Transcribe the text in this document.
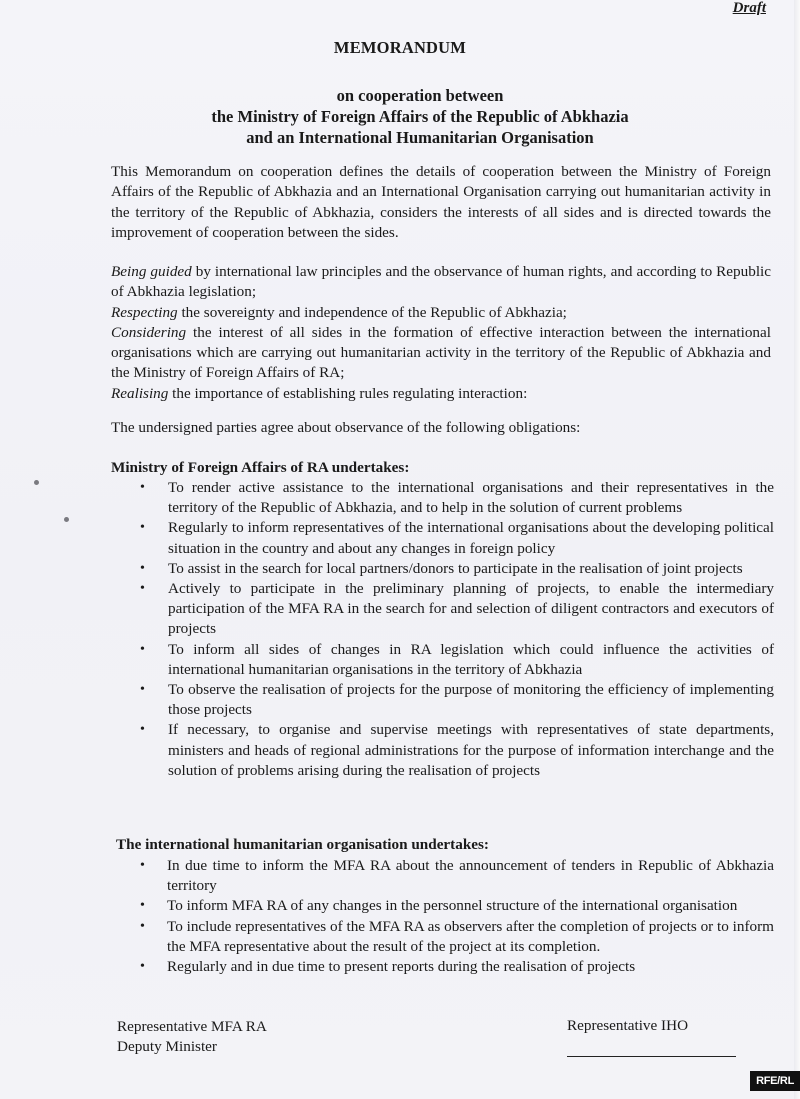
Draft
MEMORANDUM
on cooperation between
the Ministry of Foreign Affairs of the Republic of Abkhazia
and an International Humanitarian Organisation
This Memorandum on cooperation defines the details of cooperation between the Ministry of Foreign Affairs of the Republic of Abkhazia and an International Organisation carrying out humanitarian activity in the territory of the Republic of Abkhazia, considers the interests of all sides and is directed towards the improvement of cooperation between the sides.

Being guided by international law principles and the observance of human rights, and according to Republic of Abkhazia legislation;

Respecting the sovereignty and independence of the Republic of Abkhazia;

Considering the interest of all sides in the formation of effective interaction between the international organisations which are carrying out humanitarian activity in the territory of the Republic of Abkhazia and the Ministry of Foreign Affairs of RA;

Realising the importance of establishing rules regulating interaction:

The undersigned parties agree about observance of the following obligations:
Ministry of Foreign Affairs of RA undertakes:
• To render active assistance to the international organisations and their representatives in the territory of the Republic of Abkhazia, and to help in the solution of current problems
• Regularly to inform representatives of the international organisations about the developing political situation in the country and about any changes in foreign policy
• To assist in the search for local partners/donors to participate in the realisation of joint projects
• Actively to participate in the preliminary planning of projects, to enable the intermediary participation of the MFA RA in the search for and selection of diligent contractors and executors of projects
• To inform all sides of changes in RA legislation which could influence the activities of international humanitarian organisations in the territory of Abkhazia
• To observe the realisation of projects for the purpose of monitoring the efficiency of implementing those projects
• If necessary, to organise and supervise meetings with representatives of state departments, ministers and heads of regional administrations for the purpose of information interchange and the solution of problems arising during the realisation of projects
The international humanitarian organisation undertakes:
• In due time to inform the MFA RA about the announcement of tenders in Republic of Abkhazia territory
• To inform MFA RA of any changes in the personnel structure of the international organisation
• To include representatives of the MFA RA as observers after the completion of projects or to inform the MFA representative about the result of the project at its completion.
• Regularly and in due time to present reports during the realisation of projects
Representative MFA RA
Deputy Minister
Representative IHO
RFE/RL
